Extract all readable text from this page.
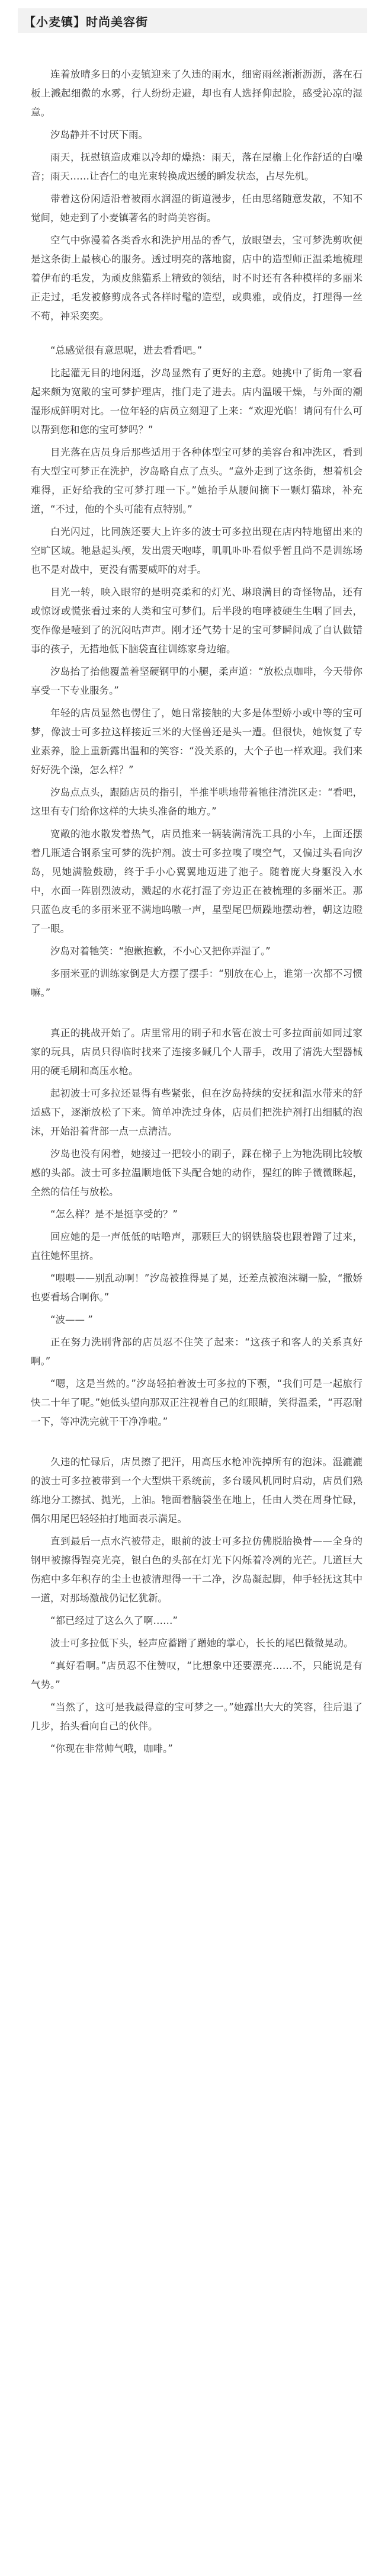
【小麦镇】时尚美容街

连着放晴多日的小麦镇迎来了久违的雨水，细密雨丝淅淅沥沥，落在石板上溅起细微的水雾，行人纷纷走避，却也有人选择仰起脸，感受沁凉的湿意。

汐岛静并不讨厌下雨。

雨天，抚慰镇造成难以冷却的燥热：雨天，落在屋檐上化作舒适的白噪音；雨天……让杏仁的电光束转换成迟缓的瞬发状态，占尽先机。

带着这份闲适沿着被雨水润湿的街道漫步，任由思绪随意发散，不知不觉间，她走到了小麦镇著名的时尚美容街。

空气中弥漫着各类香水和洗护用品的香气，放眼望去，宝可梦洗剪吹便是这条街上最核心的服务。透过明亮的落地窗，店中的造型师正温柔地梳理着伊布的毛发，为顽皮熊猫系上精致的领结，时不时还有各种模样的多丽米正走过，毛发被修剪成各式各样时髦的造型，或典雅，或俏皮，打理得一丝不苟，神采奕奕。

“总感觉很有意思呢，进去看看吧。”

比起灌无目的地闲逛，汐岛显然有了更好的主意。她挑中了街角一家看起来颇为宽敞的宝可梦护理店，推门走了进去。店内温暖干燥，与外面的潮湿形成鲜明对比。一位年轻的店员立刻迎了上来：“欢迎光临！请问有什么可以帮到您和您的宝可梦吗？”

目光落在店员身后那些适用于各种体型宝可梦的美容台和冲洗区，看到有大型宝可梦正在洗护，汐岛略自点了点头。“意外走到了这条街，想着机会难得，正好给我的宝可梦打理一下。”她抬手从腰间摘下一颗灯猫球，补充道，“不过，他的个头可能有点特别。”

白光闪过，比同族还要大上许多的波士可多拉出现在店内特地留出来的空旷区域。牠悬起头颅，发出震天咆哮，叽叽卟卟看似乎暂且尚不是训练场也不是对战中，更没有需要威吓的对手。

目光一转，映入眼帘的是明亮柔和的灯光、琳琅满目的奇怪物品，还有或惊讶或慌张看过来的人类和宝可梦们。后半段的咆哮被硬生生咽了回去，变作像是噎到了的沉闷咕声声。刚才还气势十足的宝可梦瞬间成了自认做错事的孩子，无措地低下脑袋直往训练家身边缩。

汐岛抬了抬他覆盖着坚硬钢甲的小腿，柔声道：“放松点咖啡，今天带你享受一下专业服务。”

年轻的店员显然也愣住了，她日常接触的大多是体型娇小或中等的宝可梦，像波士可多拉这样接近三米的大怪兽还是头一遭。但很快，她恢复了专业素养，脸上重新露出温和的笑容：“没关系的，大个子也一样欢迎。我们来好好洗个澡，怎么样？”

汐岛点点头，跟随店员的指引，半推半哄地带着牠往清洗区走：“看吧，这里有专门给你这样的大块头准备的地方。”

宽敞的池水散发着热气，店员推来一辆装满清洗工具的小车，上面还摆着几瓶适合钢系宝可梦的洗护剂。波士可多拉嗅了嗅空气，又偏过头看向汐岛，见她满脸鼓励，终于手小心翼翼地迈进了池子。随着庞大身躯没入水中，水面一阵剧烈波动，溅起的水花打湿了旁边正在被梳理的多丽米正。那只蓝色皮毛的多丽米亚不满地呜嗷一声，星型尾巴烦躁地摆动着，朝这边瞪了一眼。

汐岛对着牠笑：“抱歉抱歉，不小心又把你弄湿了。”

多丽米亚的训练家倒是大方摆了摆手：“别放在心上，谁第一次都不习惯嘛。”

真正的挑战开始了。店里常用的刷子和水管在波士可多拉面前如同过家家的玩具，店员只得临时找来了连接多碱几个人帮手，改用了清洗大型器械用的硬毛刷和高压水枪。

起初波士可多拉还显得有些紧张，但在汐岛持续的安抚和温水带来的舒适感下，逐渐放松了下来。简单冲洗过身体，店员们把洗护剂打出细腻的泡沫，开始沿着背部一点一点清洁。

汐岛也没有闲着，她接过一把较小的刷子，踩在梯子上为牠洗刷比较敏感的头部。波士可多拉温顺地低下头配合她的动作，猩红的眸子微微眯起，全然的信任与放松。

“怎么样？是不是挺享受的？”

回应她的是一声低低的咕噜声，那颗巨大的钢铁脑袋也跟着蹭了过来，直往她怀里挤。

“喂喂——别乱动啊！”汐岛被推得晃了晃，还差点被泡沫糊一脸，“撒娇也要看场合啊你。”

“波—— ”

正在努力洗刷背部的店员忍不住笑了起来：“这孩子和客人的关系真好啊。”

“嗯，这是当然的。”汐岛轻拍着波士可多拉的下颚，“我们可是一起旅行快二十年了呢。”她低头望向那双正注视着自己的红眼睛，笑得温柔，“再忍耐一下，等冲洗完就干干净净啦。”

久违的忙碌后，店员擦了把汗，用高压水枪冲洗掉所有的泡沫。湿漉漉的波士可多拉被带到一个大型烘干系统前，多台暖风机同时启动，店员们熟练地分工擦拭、抛光，上油。牠面着脑袋坐在地上，任由人类在周身忙碌，偶尔用尾巴轻轻拍打地面表示满足。

直到最后一点水汽被带走，眼前的波士可多拉仿佛脱胎换骨——全身的钢甲被擦得锃亮光亮，银白色的头部在灯光下闪烁着冷冽的光芒。几道巨大伤疤中多年积存的尘土也被清理得一干二净，汐岛凝起脚，伸手轻抚这其中一道，对那场激战仍记忆犹新。

“都已经过了这么久了啊……”

波士可多拉低下头，轻声应蓄蹭了蹭她的掌心，长长的尾巴微微晃动。

“真好看啊。”店员忍不住赞叹，“比想象中还要漂亮……不，只能说是有气势。”

“当然了，这可是我最得意的宝可梦之一。”她露出大大的笑容，往后退了几步，抬头看向自己的伙伴。

“你现在非常帅气哦，咖啡。”
